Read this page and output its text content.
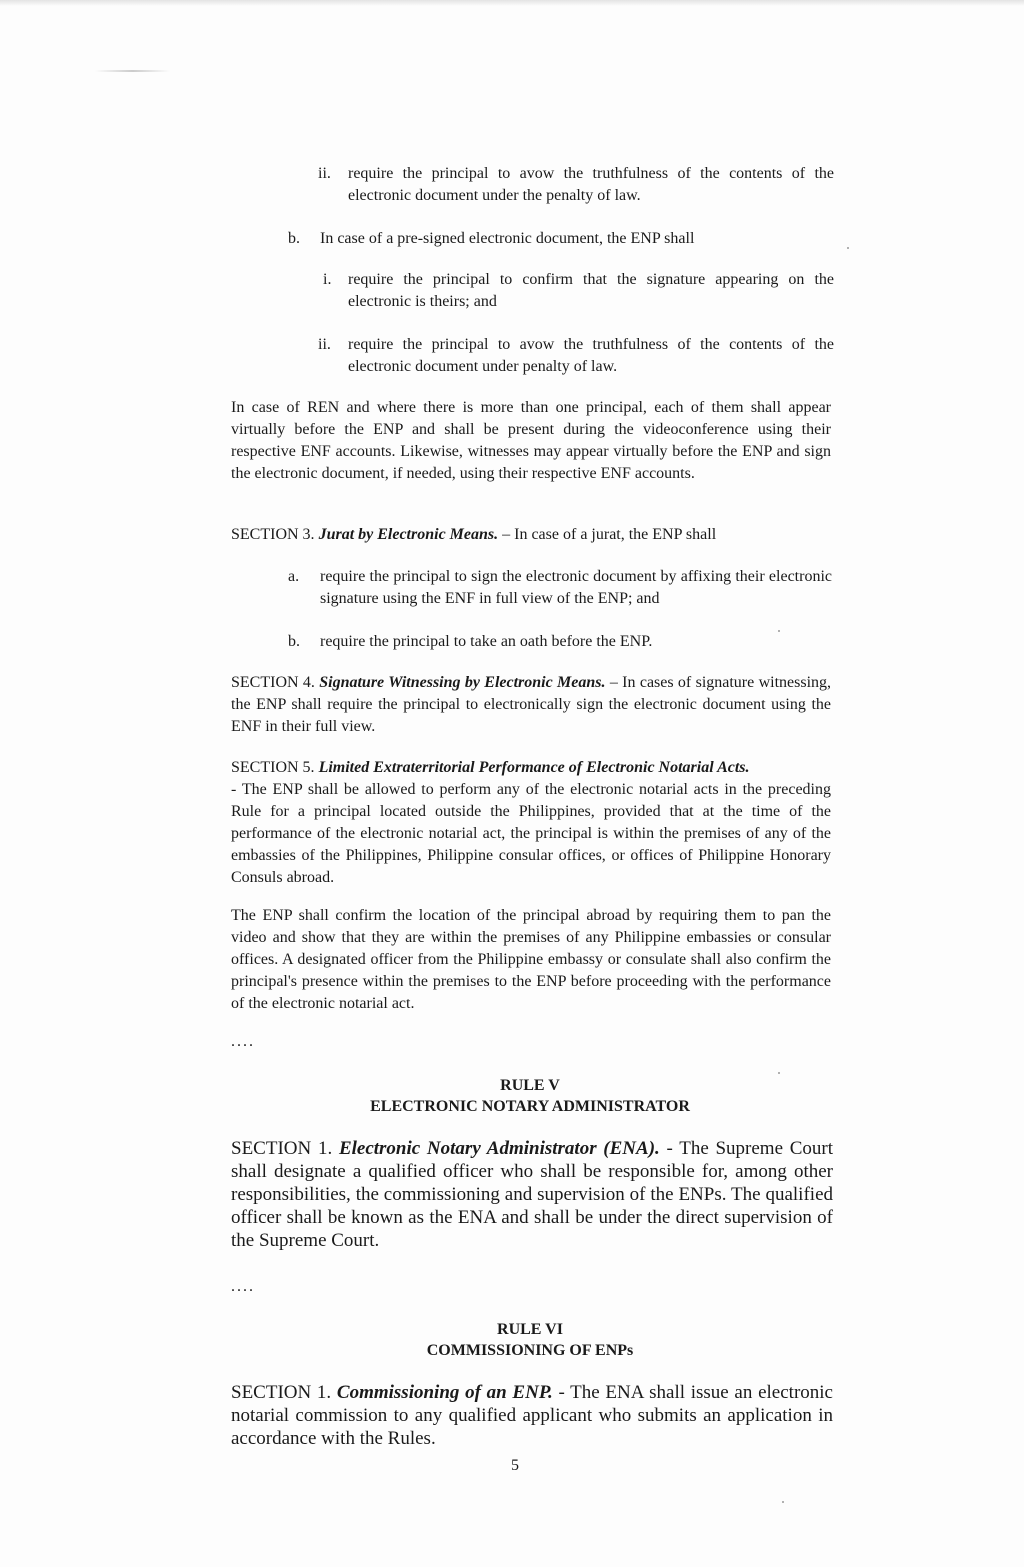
ii. require the principal to avow the truthfulness of the contents of the electronic document under the penalty of law.

b. In case of a pre-signed electronic document, the ENP shall

i. require the principal to confirm that the signature appearing on the electronic is theirs; and

ii. require the principal to avow the truthfulness of the contents of the electronic document under penalty of law.

In case of REN and where there is more than one principal, each of them shall appear virtually before the ENP and shall be present during the videoconference using their respective ENF accounts. Likewise, witnesses may appear virtually before the ENP and sign the electronic document, if needed, using their respective ENF accounts.

SECTION 3. Jurat by Electronic Means. – In case of a jurat, the ENP shall

a. require the principal to sign the electronic document by affixing their electronic signature using the ENF in full view of the ENP; and

b. require the principal to take an oath before the ENP.

SECTION 4. Signature Witnessing by Electronic Means. – In cases of signature witnessing, the ENP shall require the principal to electronically sign the electronic document using the ENF in their full view.

SECTION 5. Limited Extraterritorial Performance of Electronic Notarial Acts.

- The ENP shall be allowed to perform any of the electronic notarial acts in the preceding Rule for a principal located outside the Philippines, provided that at the time of the performance of the electronic notarial act, the principal is within the premises of any of the embassies of the Philippines, Philippine consular offices, or offices of Philippine Honorary Consuls abroad.

The ENP shall confirm the location of the principal abroad by requiring them to pan the video and show that they are within the premises of any Philippine embassies or consular offices. A designated officer from the Philippine embassy or consulate shall also confirm the principal's presence within the premises to the ENP before proceeding with the performance of the electronic notarial act.

....
RULE V
ELECTRONIC NOTARY ADMINISTRATOR

SECTION 1. Electronic Notary Administrator (ENA). - The Supreme Court shall designate a qualified officer who shall be responsible for, among other responsibilities, the commissioning and supervision of the ENPs. The qualified officer shall be known as the ENA and shall be under the direct supervision of the Supreme Court.

....
RULE VI
COMMISSIONING OF ENPs

SECTION 1. Commissioning of an ENP. - The ENA shall issue an electronic notarial commission to any qualified applicant who submits an application in accordance with the Rules.

5
